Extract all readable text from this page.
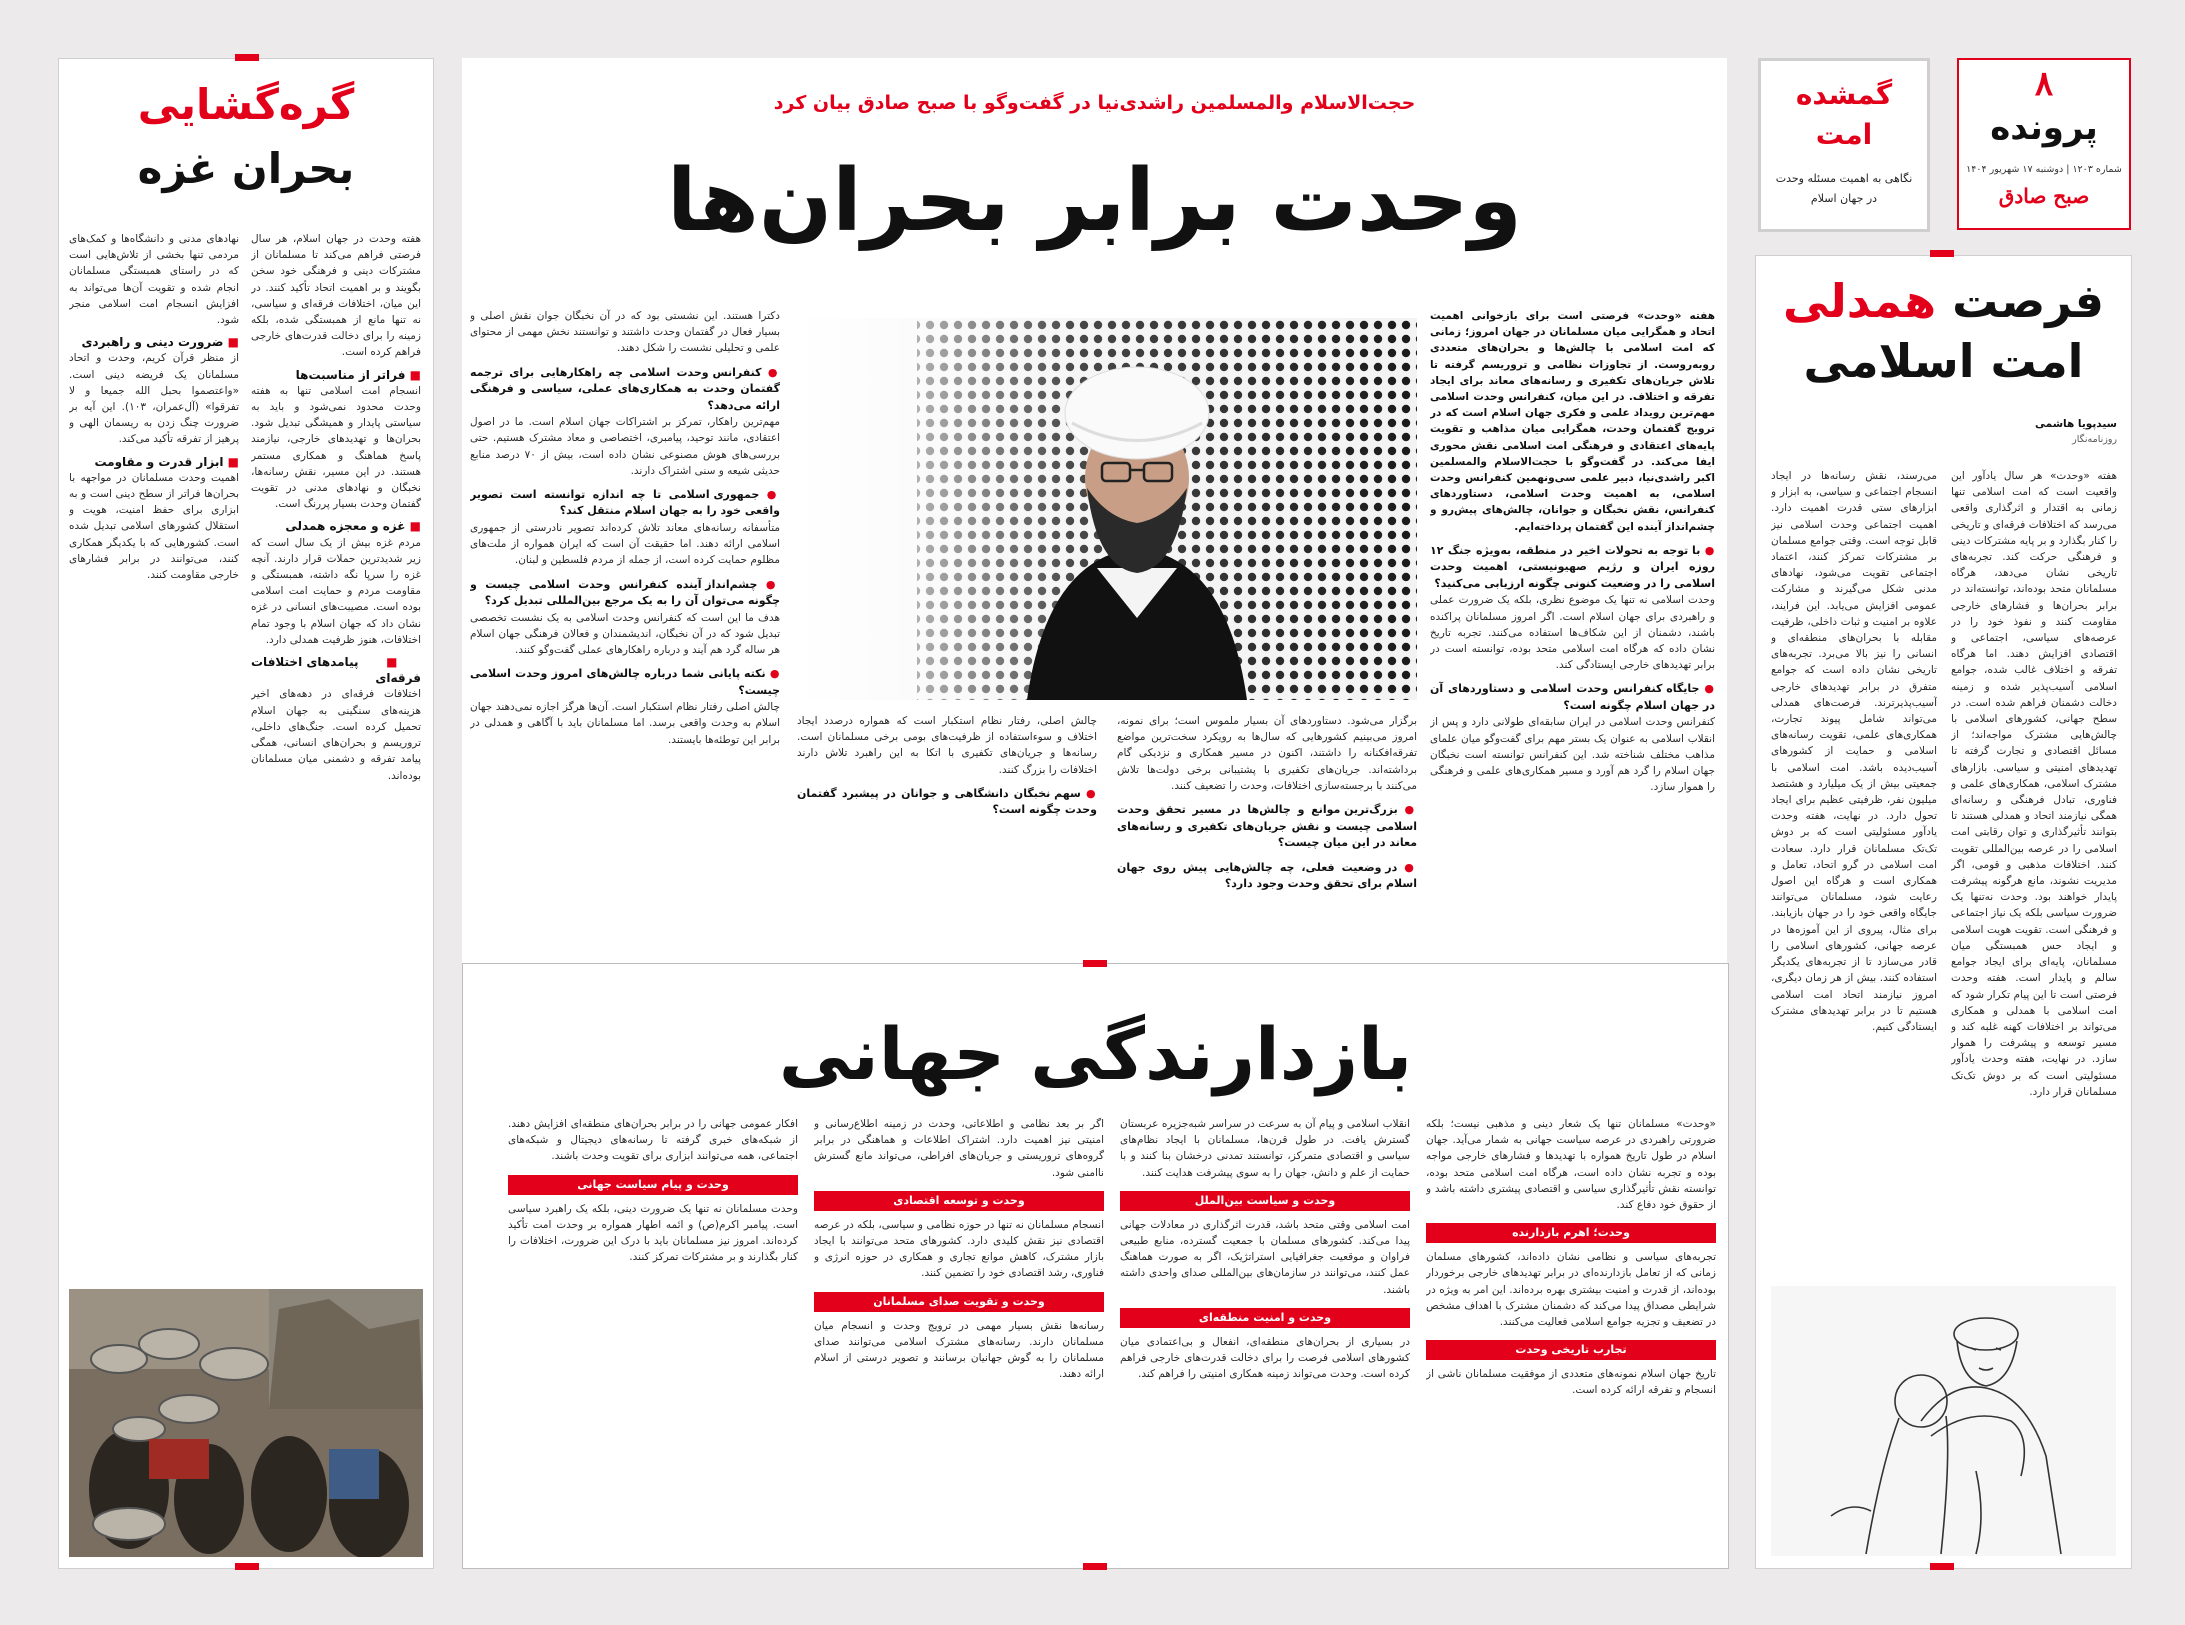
۸
پرونده
شماره ۱۲۰۳ | دوشنبه ۱۷ شهریور ۱۴۰۴
صبح صادق
گمشده امت
نگاهی به اهمیت مسئله وحدت در جهان اسلام
فرصت همدلی
امت اسلامی
سیدپویا هاشمی
روزنامه‌نگار
هفته «وحدت» هر سال یادآور این واقعیت است که امت اسلامی تنها زمانی به اقتدار و اثرگذاری واقعی می‌رسد که اختلافات فرقه‌ای و تاریخی را کنار بگذارد و بر پایه مشترکات دینی و فرهنگی حرکت کند. تجربه‌های تاریخی نشان می‌دهد، هرگاه مسلمانان متحد بوده‌اند، توانسته‌اند در برابر بحران‌ها و فشارهای خارجی مقاومت کنند و نفوذ خود را در عرصه‌های سیاسی، اجتماعی و اقتصادی افزایش دهند. اما هرگاه تفرقه و اختلاف غالب شده، جوامع اسلامی آسیب‌پذیر شده و زمینه دخالت دشمنان فراهم شده است. در سطح جهانی، کشورهای اسلامی با چالش‌هایی مشترک مواجه‌اند؛ از مسائل اقتصادی و تجارت گرفته تا تهدیدهای امنیتی و سیاسی. بازارهای مشترک اسلامی، همکاری‌های علمی و فناوری، تبادل فرهنگی و رسانه‌ای همگی نیازمند اتحاد و همدلی هستند تا بتوانند تأثیرگذاری و توان رقابتی امت اسلامی را در عرصه بین‌المللی تقویت کنند. اختلافات مذهبی و قومی، اگر مدیریت نشوند، مانع هرگونه پیشرفت پایدار خواهند بود. وحدت نه‌تنها یک ضرورت سیاسی بلکه یک نیاز اجتماعی و فرهنگی است. تقویت هویت اسلامی و ایجاد حس همبستگی میان مسلمانان، پایه‌ای برای ایجاد جوامع سالم و پایدار است. هفته وحدت فرصتی است تا این پیام تکرار شود که امت اسلامی با همدلی و همکاری می‌تواند بر اختلافات کهنه غلبه کند و مسیر توسعه و پیشرفت را هموار سازد. در نهایت، هفته وحدت یادآور مسئولیتی است که بر دوش تک‌تک مسلمانان قرار دارد.
می‌رسند، نقش رسانه‌ها در ایجاد انسجام اجتماعی و سیاسی، به ابزار و ابزارهای ستی قدرت اهمیت دارد. اهمیت اجتماعی وحدت اسلامی نیز قابل توجه است. وقتی جوامع مسلمان بر مشترکات تمرکز کنند، اعتماد اجتماعی تقویت می‌شود، نهادهای مدنی شکل می‌گیرند و مشارکت عمومی افزایش می‌یابد. این فرایند، علاوه بر امنیت و ثبات داخلی، ظرفیت مقابله با بحران‌های منطقه‌ای و انسانی را نیز بالا می‌برد. تجربه‌های تاریخی نشان داده است که جوامع متفرق در برابر تهدیدهای خارجی آسیب‌پذیرترند. فرصت‌های همدلی می‌تواند شامل پیوند تجارت، همکاری‌های علمی، تقویت رسانه‌های اسلامی و حمایت از کشورهای آسیب‌دیده باشد. امت اسلامی با جمعیتی بیش از یک میلیارد و هشتصد میلیون نفر، ظرفیتی عظیم برای ایجاد تحول دارد. در نهایت، هفته وحدت یادآور مسئولیتی است که بر دوش تک‌تک مسلمانان قرار دارد. سعادت امت اسلامی در گرو اتحاد، تعامل و همکاری است و هرگاه این اصول رعایت شود، مسلمانان می‌توانند جایگاه واقعی خود را در جهان بازیابند. برای مثال، پیروی از این آموزه‌ها در عرصه جهانی، کشورهای اسلامی را قادر می‌سازد تا از تجربه‌های یکدیگر استفاده کنند. بیش از هر زمان دیگری، امروز نیازمند اتحاد امت اسلامی هستیم تا در برابر تهدیدهای مشترک ایستادگی کنیم.
حجت‌الاسلام والمسلمین راشدی‌نیا در گفت‌وگو با صبح صادق بیان کرد
وحدت برابر بحران‌ها
هفته «وحدت» فرصتی است برای بازخوانی اهمیت اتحاد و همگرایی میان مسلمانان در جهان امروز؛ زمانی که امت اسلامی با چالش‌ها و بحران‌های متعددی روبه‌روست. از تجاوزات نظامی و تروریسم گرفته تا تلاش جریان‌های تکفیری و رسانه‌های معاند برای ایجاد تفرقه و اختلاف. در این میان، کنفرانس وحدت اسلامی مهم‌ترین رویداد علمی و فکری جهان اسلام است که در ترویج گفتمان وحدت، همگرایی میان مذاهب و تقویت پایه‌های اعتقادی و فرهنگی امت اسلامی نقش محوری ایفا می‌کند. در گفت‌وگو با حجت‌الاسلام والمسلمین اکبر راشدی‌نیا، دبیر علمی سی‌ونهمین کنفرانس وحدت اسلامی، به اهمیت وحدت اسلامی، دستاوردهای کنفرانس، نقش نخبگان و جوانان، چالش‌های پیش‌رو و چشم‌انداز آینده این گفتمان پرداخته‌ایم.
● با توجه به تحولات اخیر در منطقه، به‌ویژه جنگ ۱۲ روزه ایران و رژیم صهیونیستی، اهمیت وحدت اسلامی را در وضعیت کنونی چگونه ارزیابی می‌کنید؟
وحدت اسلامی نه تنها یک موضوع نظری، بلکه یک ضرورت عملی و راهبردی برای جهان اسلام است. اگر امروز مسلمانان پراکنده باشند، دشمنان از این شکاف‌ها استفاده می‌کنند. تجربه تاریخ نشان داده که هرگاه امت اسلامی متحد بوده، توانسته است در برابر تهدیدهای خارجی ایستادگی کند.
● جایگاه کنفرانس وحدت اسلامی و دستاوردهای آن در جهان اسلام چگونه است؟
کنفرانس وحدت اسلامی در ایران سابقه‌ای طولانی دارد و پس از انقلاب اسلامی به عنوان یک بستر مهم برای گفت‌وگو میان علمای مذاهب مختلف شناخته شد. این کنفرانس توانسته است نخبگان جهان اسلام را گرد هم آورد و مسیر همکاری‌های علمی و فرهنگی را هموار سازد.
برگزار می‌شود. دستاوردهای آن بسیار ملموس است؛ برای نمونه، امروز می‌بینیم کشورهایی که سال‌ها به رویکرد سخت‌ترین مواضع تفرقه‌افکنانه را داشتند، اکنون در مسیر همکاری و نزدیکی گام برداشته‌اند. جریان‌های تکفیری با پشتیبانی برخی دولت‌ها تلاش می‌کنند با برجسته‌سازی اختلافات، وحدت را تضعیف کنند.
● بزرگ‌ترین موانع و چالش‌ها در مسیر تحقق وحدت اسلامی چیست و نقش جریان‌های تکفیری و رسانه‌های معاند در این میان چیست؟
● در وضعیت فعلی، چه چالش‌هایی پیش روی جهان اسلام برای تحقق وحدت وجود دارد؟
چالش اصلی، رفتار نظام استکبار است که همواره درصدد ایجاد اختلاف و سوءاستفاده از ظرفیت‌های بومی برخی مسلمانان است. رسانه‌ها و جریان‌های تکفیری با اتکا به این راهبرد تلاش دارند اختلافات را بزرگ کنند.
● سهم نخبگان دانشگاهی و جوانان در پیشبرد گفتمان وحدت چگونه است؟
دکترا هستند. این نشستی بود که در آن نخبگان جوان نقش اصلی و بسیار فعال در گفتمان وحدت داشتند و توانستند نخش مهمی از محتوای علمی و تحلیلی نشست را شکل دهند.
● کنفرانس وحدت اسلامی چه راهکارهایی برای ترجمه گفتمان وحدت به همکاری‌های عملی، سیاسی و فرهنگی ارائه می‌دهد؟
مهم‌ترین راهکار، تمرکز بر اشتراکات جهان اسلام است. ما در اصول اعتقادی، مانند توحید، پیامبری، اختصاصی و معاد مشترک هستیم. حتی بررسی‌های هوش مصنوعی نشان داده است، بیش از ۷۰ درصد منابع حدیثی شیعه و سنی اشتراک دارند.
● جمهوری اسلامی تا چه اندازه توانسته است تصویر واقعی خود را به جهان اسلام منتقل کند؟
متأسفانه رسانه‌های معاند تلاش کرده‌اند تصویر نادرستی از جمهوری اسلامی ارائه دهند. اما حقیقت آن است که ایران همواره از ملت‌های مظلوم حمایت کرده است، از جمله از مردم فلسطین و لبنان.
● چشم‌انداز آینده کنفرانس وحدت اسلامی چیست و چگونه می‌توان آن را به یک مرجع بین‌المللی تبدیل کرد؟
هدف ما این است که کنفرانس وحدت اسلامی به یک نشست تخصصی تبدیل شود که در آن نخبگان، اندیشمندان و فعالان فرهنگی جهان اسلام هر ساله گرد هم آیند و درباره راهکارهای عملی گفت‌وگو کنند.
● نکته پایانی شما درباره چالش‌های امروز وحدت اسلامی چیست؟
چالش اصلی رفتار نظام استکبار است. آن‌ها هرگز اجازه نمی‌دهند جهان اسلام به وحدت واقعی برسد. اما مسلمانان باید با آگاهی و همدلی در برابر این توطئه‌ها بایستند.
بازدارندگی جهانی
«وحدت» مسلمانان تنها یک شعار دینی و مذهبی نیست؛ بلکه ضرورتی راهبردی در عرصه سیاست جهانی به شمار می‌آید. جهان اسلام در طول تاریخ همواره با تهدیدها و فشارهای خارجی مواجه بوده و تجربه نشان داده است، هرگاه امت اسلامی متحد بوده، توانسته نقش تأثیرگذاری سیاسی و اقتصادی پیشتری داشته باشد و از حقوق خود دفاع کند.
وحدت؛ اهرم بازدارنده
تجربه‌های سیاسی و نظامی نشان داده‌اند، کشورهای مسلمان زمانی که از تعامل بازدارنده‌ای در برابر تهدیدهای خارجی برخوردار بوده‌اند، از قدرت و امنیت بیشتری بهره برده‌اند. این امر به ویژه در شرایطی مصداق پیدا می‌کند که دشمنان مشترک با اهداف مشخص در تضعیف و تجزیه جوامع اسلامی فعالیت می‌کنند.
تجارب تاریخی وحدت
تاریخ جهان اسلام نمونه‌های متعددی از موفقیت مسلمانان ناشی از انسجام و تفرقه ارائه کرده است.
انقلاب اسلامی و پیام آن به سرعت در سراسر شبه‌جزیره عربستان گسترش یافت. در طول قرن‌ها، مسلمانان با ایجاد نظام‌های سیاسی و اقتصادی متمرکز، توانستند تمدنی درخشان بنا کنند و با حمایت از علم و دانش، جهان را به سوی پیشرفت هدایت کنند.
وحدت و سیاست بین‌الملل
امت اسلامی وقتی متحد باشد، قدرت اثرگذاری در معادلات جهانی پیدا می‌کند. کشورهای مسلمان با جمعیت گسترده، منابع طبیعی فراوان و موقعیت جغرافیایی استراتژیک، اگر به صورت هماهنگ عمل کنند، می‌توانند در سازمان‌های بین‌المللی صدای واحدی داشته باشند.
وحدت و امنیت منطقه‌ای
در بسیاری از بحران‌های منطقه‌ای، انفعال و بی‌اعتمادی میان کشورهای اسلامی فرصت را برای دخالت قدرت‌های خارجی فراهم کرده است. وحدت می‌تواند زمینه همکاری امنیتی را فراهم کند.
اگر بر بعد نظامی و اطلاعاتی، وحدت در زمینه اطلاع‌رسانی و امنیتی نیز اهمیت دارد. اشتراک اطلاعات و هماهنگی در برابر گروه‌های تروریستی و جریان‌های افراطی، می‌تواند مانع گسترش ناامنی شود.
وحدت و توسعه اقتصادی
انسجام مسلمانان نه تنها در حوزه نظامی و سیاسی، بلکه در عرصه اقتصادی نیز نقش کلیدی دارد. کشورهای متحد می‌توانند با ایجاد بازار مشترک، کاهش موانع تجاری و همکاری در حوزه انرژی و فناوری، رشد اقتصادی خود را تضمین کنند.
وحدت و تقویت صدای مسلمانان
رسانه‌ها نقش بسیار مهمی در ترویج وحدت و انسجام میان مسلمانان دارند. رسانه‌های مشترک اسلامی می‌توانند صدای مسلمانان را به گوش جهانیان برسانند و تصویر درستی از اسلام ارائه دهند.
افکار عمومی جهانی را در برابر بحران‌های منطقه‌ای افزایش دهند. از شبکه‌های خبری گرفته تا رسانه‌های دیجیتال و شبکه‌های اجتماعی، همه می‌توانند ابزاری برای تقویت وحدت باشند.
وحدت و پیام سیاست جهانی
وحدت مسلمانان نه تنها یک ضرورت دینی، بلکه یک راهبرد سیاسی است. پیامبر اکرم(ص) و ائمه اطهار همواره بر وحدت امت تأکید کرده‌اند. امروز نیز مسلمانان باید با درک این ضرورت، اختلافات را کنار بگذارند و بر مشترکات تمرکز کنند.
گره‌گشایی
بحران غزه
هفته وحدت در جهان اسلام، هر سال فرصتی فراهم می‌کند تا مسلمانان از مشترکات دینی و فرهنگی خود سخن بگویند و بر اهمیت اتحاد تأکید کنند. در این میان، اختلافات فرقه‌ای و سیاسی، نه تنها مانع از همبستگی شده، بلکه زمینه را برای دخالت قدرت‌های خارجی فراهم کرده است.
■ فراتر از مناسبت‌ها
انسجام امت اسلامی تنها به هفته وحدت محدود نمی‌شود و باید به سیاستی پایدار و همیشگی تبدیل شود. بحران‌ها و تهدیدهای خارجی، نیازمند پاسخ هماهنگ و همکاری مستمر هستند. در این مسیر، نقش رسانه‌ها، نخبگان و نهادهای مدنی در تقویت گفتمان وحدت بسیار پررنگ است.
■ غزه و معجزه همدلی
مردم غزه بیش از یک سال است که زیر شدیدترین حملات قرار دارند. آنچه غزه را سرپا نگه داشته، همبستگی و مقاومت مردم و حمایت امت اسلامی بوده است. مصیبت‌های انسانی در غزه نشان داد که جهان اسلام با وجود تمام اختلافات، هنوز ظرفیت همدلی دارد.
■ پیامدهای اختلافات فرقه‌ای
اختلافات فرقه‌ای در دهه‌های اخیر هزینه‌های سنگینی به جهان اسلام تحمیل کرده است. جنگ‌های داخلی، تروریسم و بحران‌های انسانی، همگی پیامد تفرقه و دشمنی میان مسلمانان بوده‌اند.
نهادهای مدنی و دانشگاه‌ها و کمک‌های مردمی تنها بخشی از تلاش‌هایی است که در راستای همبستگی مسلمانان انجام شده و تقویت آن‌ها می‌تواند به افزایش انسجام امت اسلامی منجر شود.
■ ضرورت دینی و راهبردی
از منظر قرآن کریم، وحدت و اتحاد مسلمانان یک فریضه دینی است. «واعتصموا بحبل الله جمیعا و لا تفرقوا» (آل‌عمران، ۱۰۳). این آیه بر ضرورت چنگ زدن به ریسمان الهی و پرهیز از تفرقه تأکید می‌کند.
■ ابزار قدرت و مقاومت
اهمیت وحدت مسلمانان در مواجهه با بحران‌ها فراتر از سطح دینی است و به ابزاری برای حفظ امنیت، هویت و استقلال کشورهای اسلامی تبدیل شده است. کشورهایی که با یکدیگر همکاری کنند، می‌توانند در برابر فشارهای خارجی مقاومت کنند.
